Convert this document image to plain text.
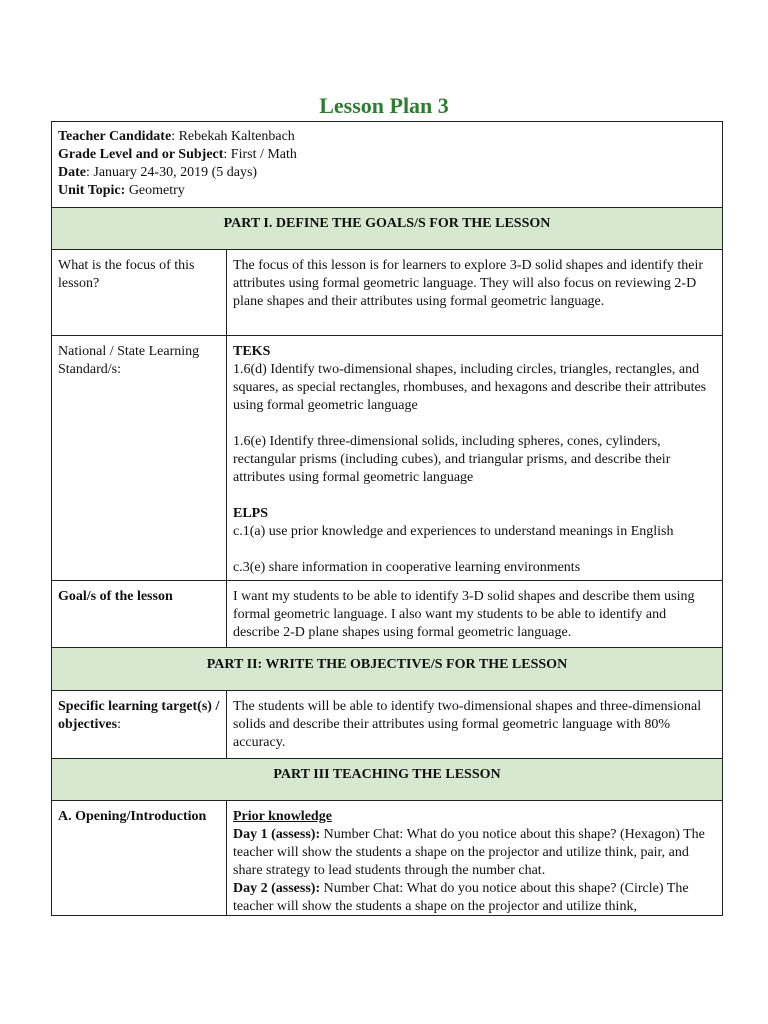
Lesson Plan 3
Teacher Candidate: Rebekah Kaltenbach
Grade Level and or Subject: First / Math
Date: January 24-30, 2019 (5 days)
Unit Topic: Geometry
PART I. DEFINE THE GOALS/S FOR THE LESSON
What is the focus of this lesson?
The focus of this lesson is for learners to explore 3-D solid shapes and identify their attributes using formal geometric language. They will also focus on reviewing 2-D plane shapes and their attributes using formal geometric language.
National / State Learning Standard/s:

TEKS

1.6(d) Identify two-dimensional shapes, including circles, triangles, rectangles, and squares, as special rectangles, rhombuses, and hexagons and describe their attributes using formal geometric language

1.6(e) Identify three-dimensional solids, including spheres, cones, cylinders, rectangular prisms (including cubes), and triangular prisms, and describe their attributes using formal geometric language

ELPS

c.1(a) use prior knowledge and experiences to understand meanings in English

c.3(e) share information in cooperative learning environments

Goal/s of the lesson	I want my students to be able to identify 3-D solid shapes and describe them using formal geometric language. I also want my students to be able to identify and describe 2-D plane shapes using formal geometric language.
PART II: WRITE THE OBJECTIVE/S FOR THE LESSON
Specific learning target(s) / objectives:
The students will be able to identify two-dimensional shapes and three-dimensional solids and describe their attributes using formal geometric language with 80% accuracy.
PART III TEACHING THE LESSON
A. Opening/Introduction	Prior knowledge

Day 1 (assess): Number Chat: What do you notice about this shape? (Hexagon) The teacher will show the students a shape on the projector and utilize think, pair, and share strategy to lead students through the number chat.

Day 2 (assess): Number Chat: What do you notice about this shape? (Circle) The teacher will show the students a shape on the projector and utilize think,
